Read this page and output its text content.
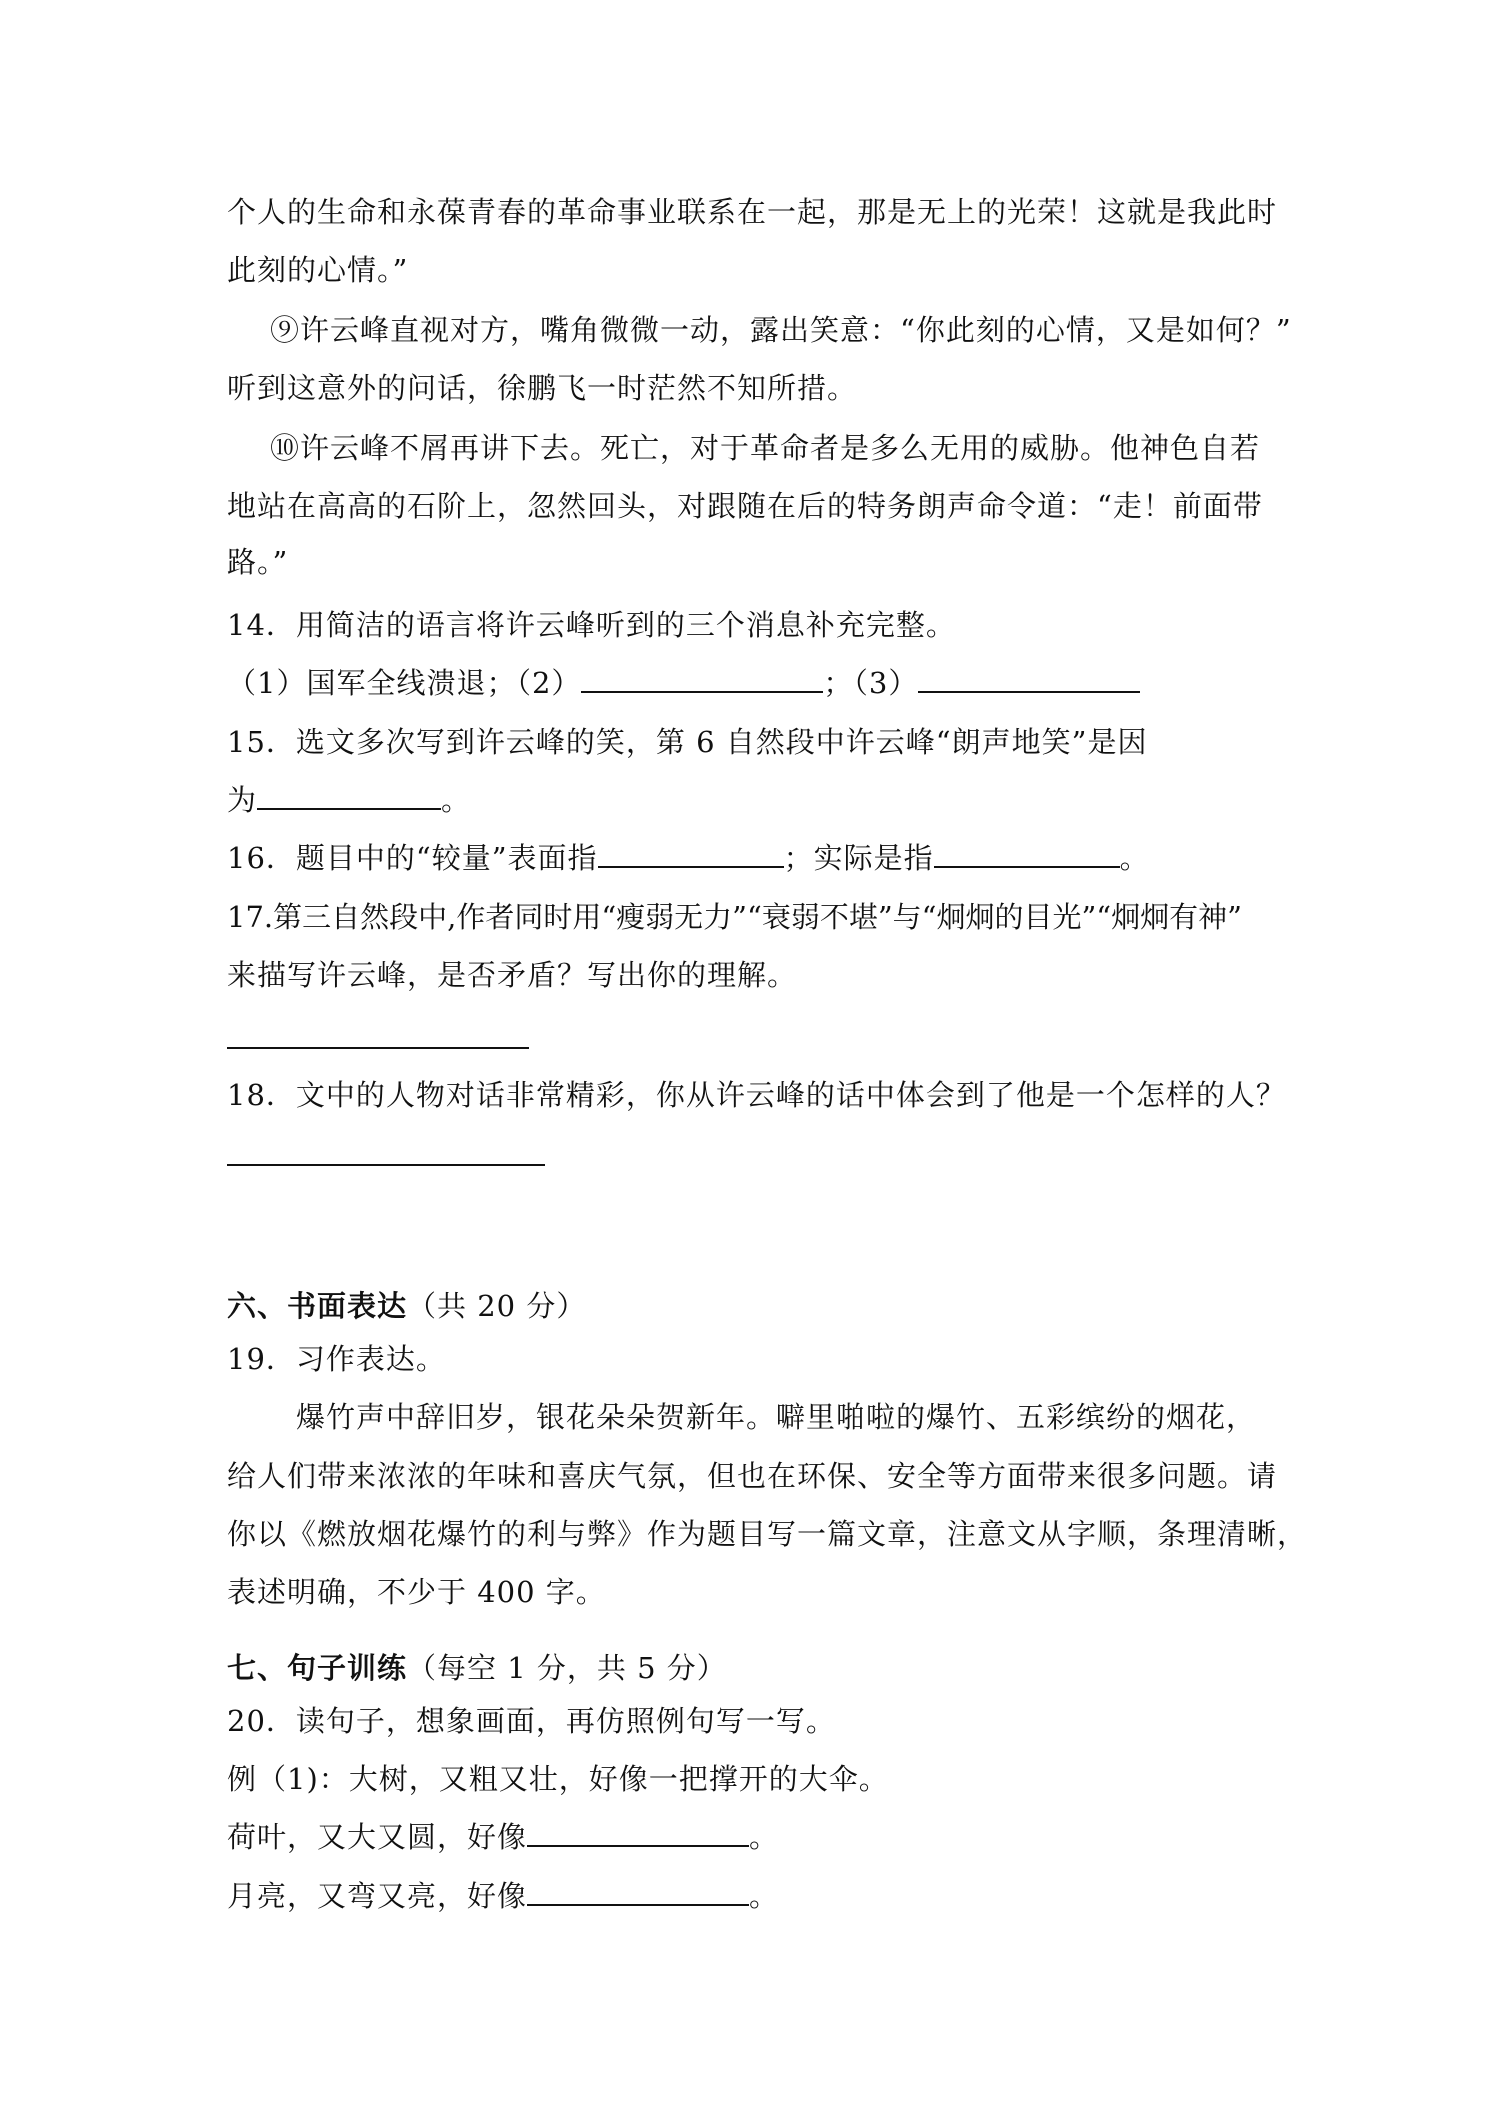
个人的生命和永葆青春的革命事业联系在一起，那是无上的光荣！这就是我此时
此刻的心情。”
⑨许云峰直视对方，嘴角微微一动，露出笑意：“你此刻的心情，又是如何？”
听到这意外的问话，徐鹏飞一时茫然不知所措。
⑩许云峰不屑再讲下去。死亡，对于革命者是多么无用的威胁。他神色自若
地站在高高的石阶上，忽然回头，对跟随在后的特务朗声命令道：“走！前面带
路。”
14．用简洁的语言将许云峰听到的三个消息补充完整。
（1）国军全线溃退；（2）	；（3）
15．选文多次写到许云峰的笑，第 6 自然段中许云峰“朗声地笑”是因
为	。
16．题目中的“较量”表面指	；实际是指	。
17.第三自然段中,作者同时用“瘦弱无力”“衰弱不堪”与“炯炯的目光”“炯炯有神”
来描写许云峰，是否矛盾？写出你的理解。
18．文中的人物对话非常精彩，你从许云峰的话中体会到了他是一个怎样的人？
六、书面表达（共 20 分）
19．习作表达。
爆竹声中辞旧岁，银花朵朵贺新年。噼里啪啦的爆竹、五彩缤纷的烟花，
给人们带来浓浓的年味和喜庆气氛，但也在环保、安全等方面带来很多问题。请
你以《燃放烟花爆竹的利与弊》作为题目写一篇文章，注意文从字顺，条理清晰，
表述明确，不少于 400 字。
七、句子训练（每空 1 分，共 5 分）
20．读句子，想象画面，再仿照例句写一写。
例（1)：大树，又粗又壮，好像一把撑开的大伞。
荷叶，又大又圆，好像	。
月亮，又弯又亮，好像	。
